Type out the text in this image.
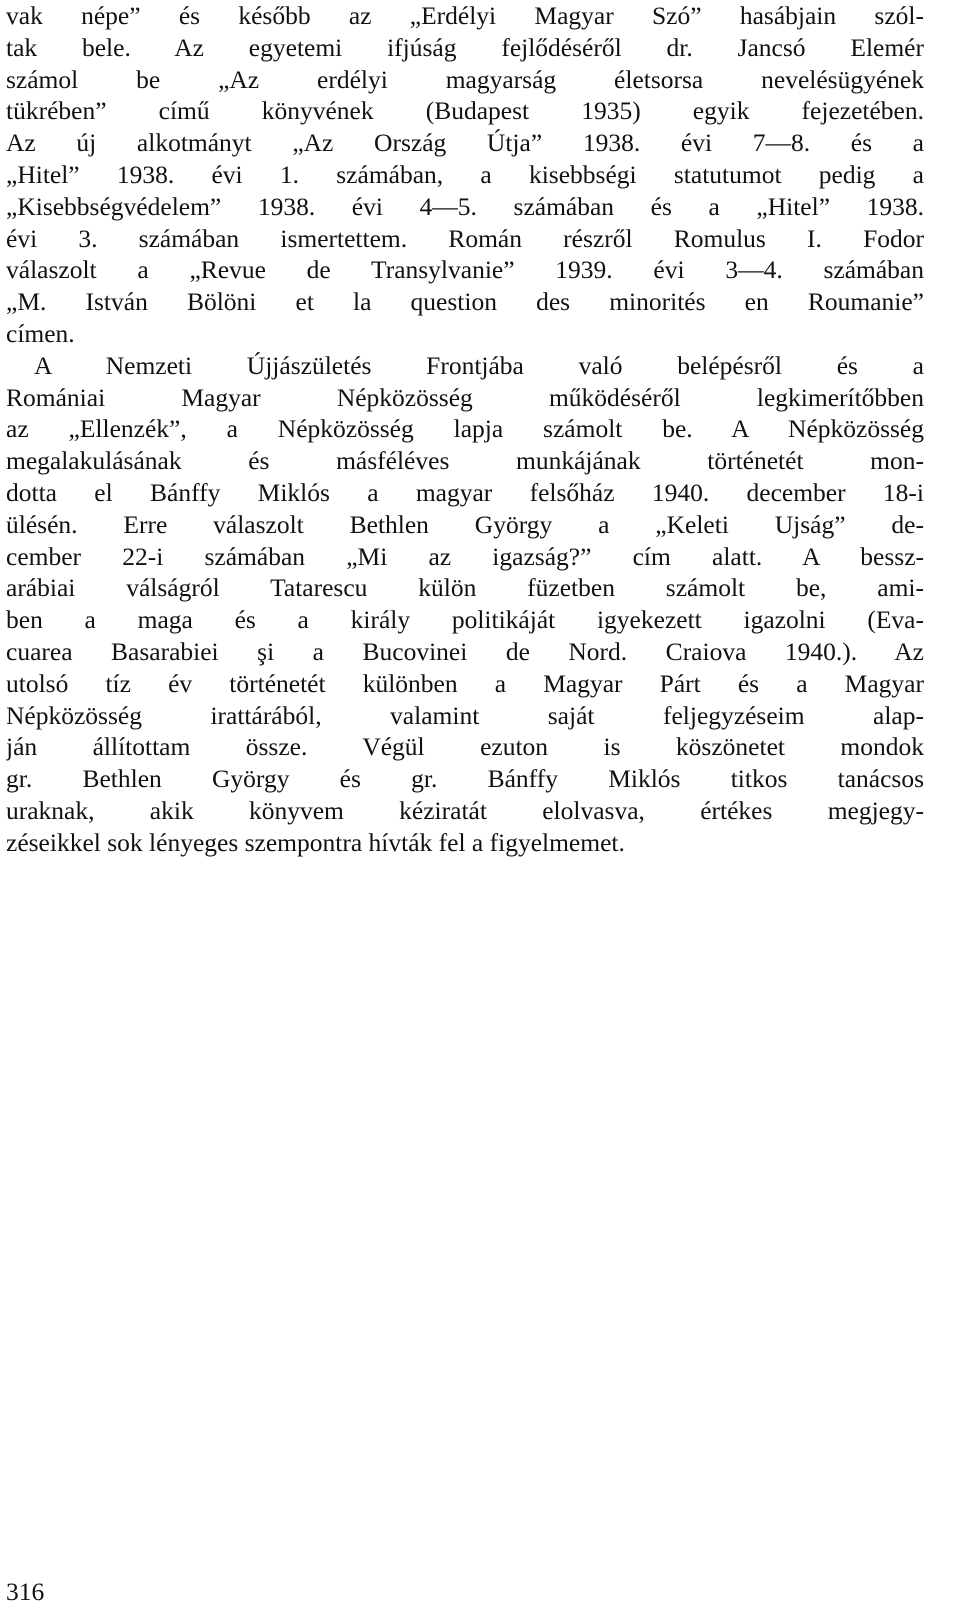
vak népe” és később az „Erdélyi Magyar Szó” hasábjain szól-
tak bele. Az egyetemi ifjúság fejlődéséről dr. Jancsó Elemér
számol be „Az erdélyi magyarság életsorsa nevelésügyének
tükrében” című könyvének (Budapest 1935) egyik fejezetében.
Az új alkotmányt „Az Ország Útja” 1938. évi 7—8. és a
„Hitel” 1938. évi 1. számában, a kisebbségi statutumot pedig a
„Kisebbségvédelem” 1938. évi 4—5. számában és a „Hitel” 1938.
évi 3. számában ismertettem. Román részről Romulus I. Fodor
válaszolt a „Revue de Transylvanie” 1939. évi 3—4. számában
„M. István Bölöni et la question des minorités en Roumanie”
címen.
A Nemzeti Újjászületés Frontjába való belépésről és a
Romániai Magyar Népközösség működéséről legkimerítőbben
az „Ellenzék”, a Népközösség lapja számolt be. A Népközösség
megalakulásának és másféléves munkájának történetét mon-
dotta el Bánffy Miklós a magyar felsőház 1940. december 18-i
ülésén. Erre válaszolt Bethlen György a „Keleti Ujság” de-
cember 22-i számában „Mi az igazság?” cím alatt. A bessz-
arábiai válságról Tatarescu külön füzetben számolt be, ami-
ben a maga és a király politikáját igyekezett igazolni (Eva-
cuarea Basarabiei şi a Bucovinei de Nord. Craiova 1940.). Az
utolsó tíz év történetét különben a Magyar Párt és a Magyar
Népközösség irattárából, valamint saját feljegyzéseim alap-
ján állítottam össze. Végül ezuton is köszönetet mondok
gr. Bethlen György és gr. Bánffy Miklós titkos tanácsos
uraknak, akik könyvem kéziratát elolvasva, értékes megjegy-
zéseikkel sok lényeges szempontra hívták fel a figyelmemet.
316
